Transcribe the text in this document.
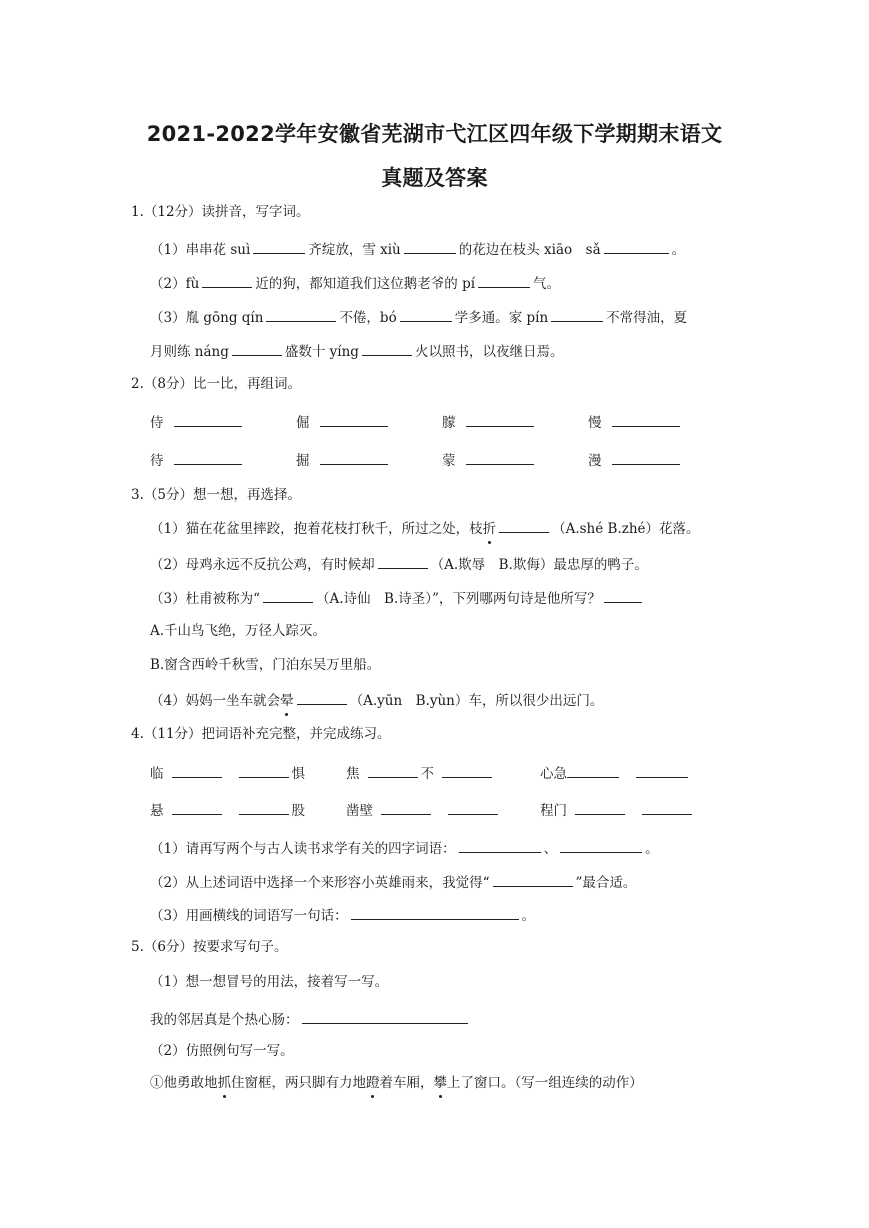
2021-2022学年安徽省芜湖市弋江区四年级下学期期末语文
真题及答案
1.（12分）读拼音，写字词。
（1）串串花 suì	齐绽放，雪 xiù	的花边在枝头 xiāo　sǎ	。
（2）fù	近的狗，都知道我们这位鹅老爷的 pí	气。
（3）胤 gōng qín	不倦，bó	学多通。家 pín	不常得油，夏
月则练 náng	盛数十 yíng	火以照书，以夜继日焉。
2.（8分）比一比，再组词。
侍	倔	朦	慢
待	掘	蒙	漫
3.（5分）想一想，再选择。
（1）猫在花盆里摔跤，抱着花枝打秋千，所过之处，枝折	（A.shé B.zhé）花落。
（2）母鸡永远不反抗公鸡，有时候却	（A.欺辱　B.欺侮）最忠厚的鸭子。
（3）杜甫被称为“	（A.诗仙　B.诗圣）”，下列哪两句诗是他所写？
A.千山鸟飞绝，万径人踪灭。
B.窗含西岭千秋雪，门泊东吴万里船。
（4）妈妈一坐车就会晕	（A.yūn　B.yùn）车，所以很少出远门。
4.（11分）把词语补充完整，并完成练习。
临	惧	焦	不	心急
悬	股	凿壁	程门
（1）请再写两个与古人读书求学有关的四字词语：	、	。
（2）从上述词语中选择一个来形容小英雄雨来，我觉得“	”最合适。
（3）用画横线的词语写一句话：	。
5.（6分）按要求写句子。
（1）想一想冒号的用法，接着写一写。
我的邻居真是个热心肠：
（2）仿照例句写一写。
①他勇敢地抓住窗框，两只脚有力地蹬着车厢，攀上了窗口。（写一组连续的动作）
